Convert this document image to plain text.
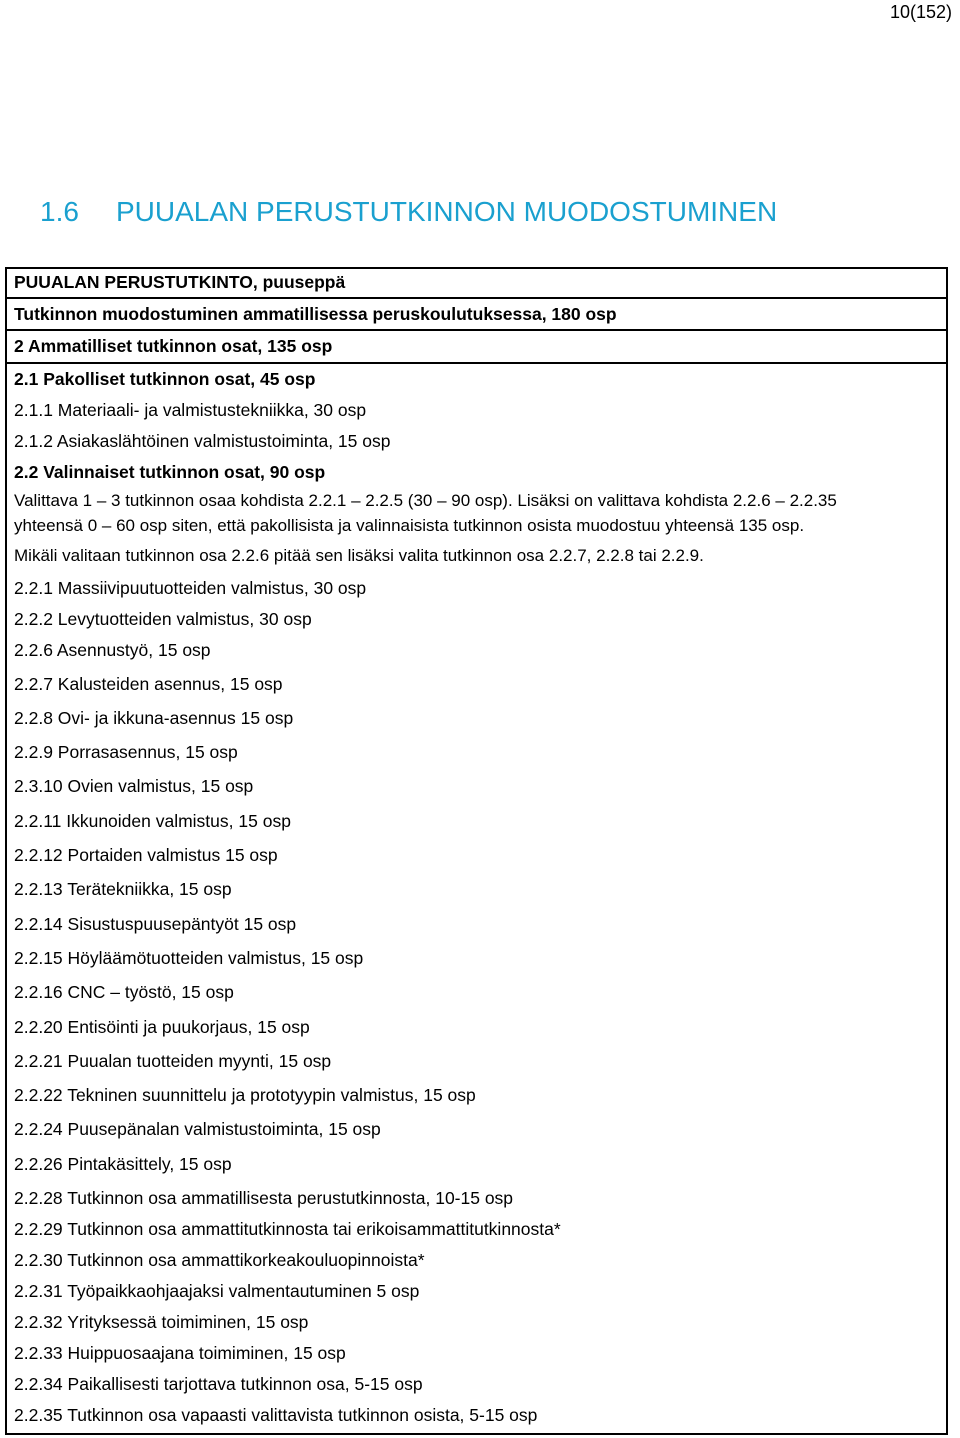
10(152)
1.6 PUUALAN PERUSTUTKINNON MUODOSTUMINEN
PUUALAN PERUSTUTKINTO, puuseppä
Tutkinnon muodostuminen ammatillisessa peruskoulutuksessa, 180 osp
2 Ammatilliset tutkinnon osat, 135 osp
2.1 Pakolliset tutkinnon osat, 45 osp
2.1.1 Materiaali- ja valmistustekniikka, 30 osp
2.1.2 Asiakaslähtöinen valmistustoiminta, 15 osp
2.2 Valinnaiset tutkinnon osat, 90 osp
Valittava 1 – 3 tutkinnon osaa kohdista 2.2.1 – 2.2.5 (30 – 90 osp). Lisäksi on valittava kohdista 2.2.6 – 2.2.35
yhteensä 0 – 60 osp siten, että pakollisista ja valinnaisista tutkinnon osista muodostuu yhteensä 135 osp.
Mikäli valitaan tutkinnon osa 2.2.6 pitää sen lisäksi valita tutkinnon osa 2.2.7, 2.2.8 tai 2.2.9.
2.2.1 Massiivipuutuotteiden valmistus, 30 osp
2.2.2 Levytuotteiden valmistus, 30 osp
2.2.6 Asennustyö, 15 osp
2.2.7 Kalusteiden asennus, 15 osp
2.2.8 Ovi- ja ikkuna-asennus 15 osp
2.2.9 Porrasasennus, 15 osp
2.3.10 Ovien valmistus, 15 osp
2.2.11 Ikkunoiden valmistus, 15 osp
2.2.12 Portaiden valmistus 15 osp
2.2.13 Terätekniikka, 15 osp
2.2.14 Sisustuspuusepäntyöt 15 osp
2.2.15 Höyläämötuotteiden valmistus, 15 osp
2.2.16 CNC – työstö, 15 osp
2.2.20 Entisöinti ja puukorjaus, 15 osp
2.2.21 Puualan tuotteiden myynti, 15 osp
2.2.22 Tekninen suunnittelu ja prototyypin valmistus, 15 osp
2.2.24 Puusepänalan valmistustoiminta, 15 osp
2.2.26 Pintakäsittely, 15 osp
2.2.28 Tutkinnon osa ammatillisesta perustutkinnosta, 10-15 osp
2.2.29 Tutkinnon osa ammattitutkinnosta tai erikoisammattitutkinnosta*
2.2.30 Tutkinnon osa ammattikorkeakouluopinnoista*
2.2.31 Työpaikkaohjaajaksi valmentautuminen 5 osp
2.2.32 Yrityksessä toimiminen, 15 osp
2.2.33 Huippuosaajana toimiminen, 15 osp
2.2.34 Paikallisesti tarjottava tutkinnon osa, 5-15 osp
2.2.35 Tutkinnon osa vapaasti valittavista tutkinnon osista, 5-15 osp
